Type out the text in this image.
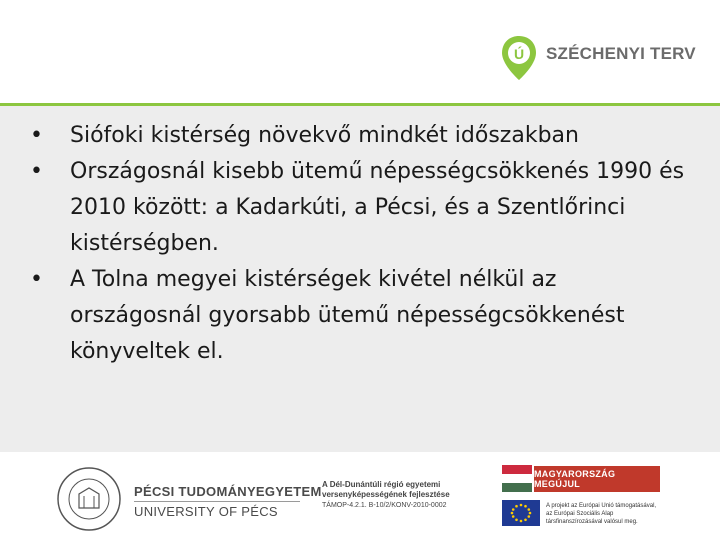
Ú SZÉCHENYI TERV
• Siófoki kistérség növekvő mindkét időszakban
• Országosnál kisebb ütemű népességcsökkenés 1990 és 2010 között: a Kadarkúti, a Pécsi, és a Szentlőrinci kistérségben.
• A Tolna megyei kistérségek kivétel nélkül az országosnál gyorsabb ütemű népességcsökkenést könyveltek el.
PÉCSI TUDOMÁNYEGYETEM
UNIVERSITY OF PÉCS
A Dél-Dunántúli régió egyetemi
versenyképességének fejlesztése
TÁMOP-4.2.1. B-10/2/KONV-2010-0002
MAGYARORSZÁG MEGÚJUL
A projekt az Európai Unió támogatásával,
az Európai Szociális Alap
társfinanszírozásával valósul meg.
